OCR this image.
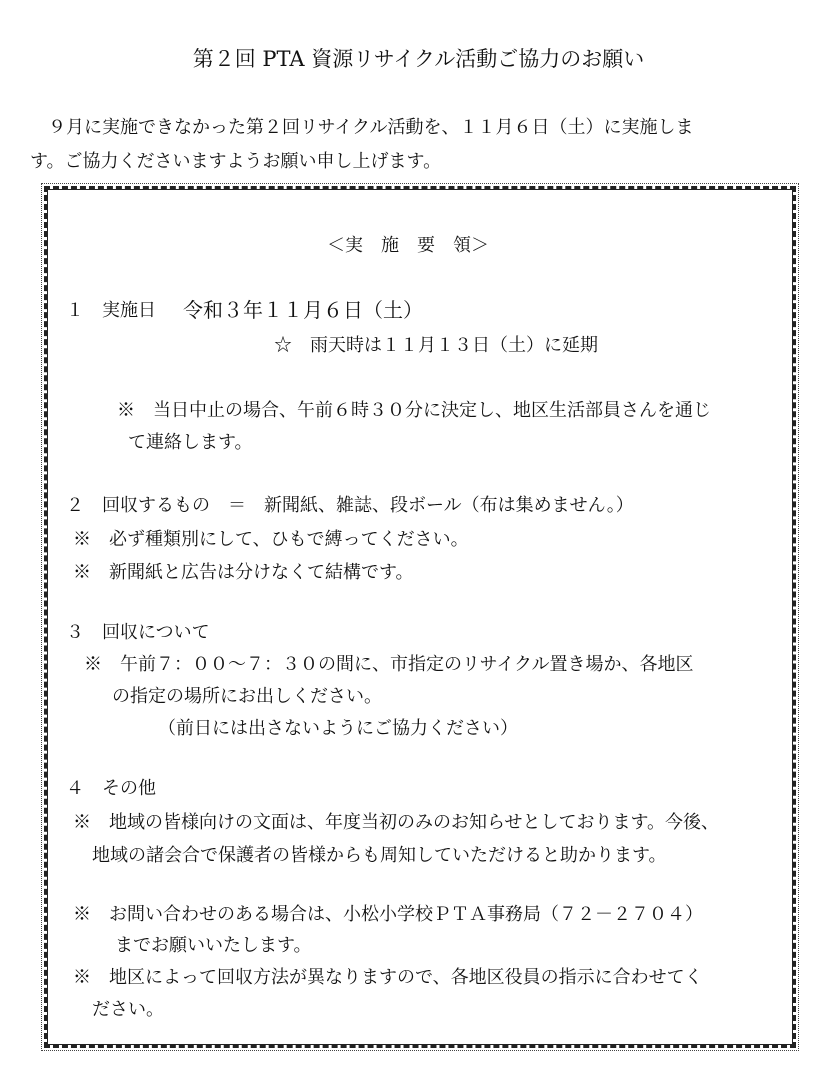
第２回 PTA 資源リサイクル活動ご協力のお願い
　９月に実施できなかった第２回リサイクル活動を、１１月６日（土）に実施しま
す。ご協力くださいますようお願い申し上げます。
＜実　施　要　領＞
１ 実施日 令和３年１１月６日（土）
☆　雨天時は１１月１３日（土）に延期
※　当日中止の場合、午前６時３０分に決定し、地区生活部員さんを通じ
て連絡します。
２　回収するもの　＝　新聞紙、雑誌、段ボール（布は集めません。）
※　必ず種類別にして、ひもで縛ってください。
※　新聞紙と広告は分けなくて結構です。
３　回収について
※　午前７：００～７：３０の間に、市指定のリサイクル置き場か、各地区
の指定の場所にお出しください。
（前日には出さないようにご協力ください）
４　その他
※　地域の皆様向けの文面は、年度当初のみのお知らせとしております。今後、
地域の諸会合で保護者の皆様からも周知していただけると助かります。
※　お問い合わせのある場合は、小松小学校ＰＴＡ事務局（７２－２７０４）
までお願いいたします。
※　地区によって回収方法が異なりますので、各地区役員の指示に合わせてく
ださい。
